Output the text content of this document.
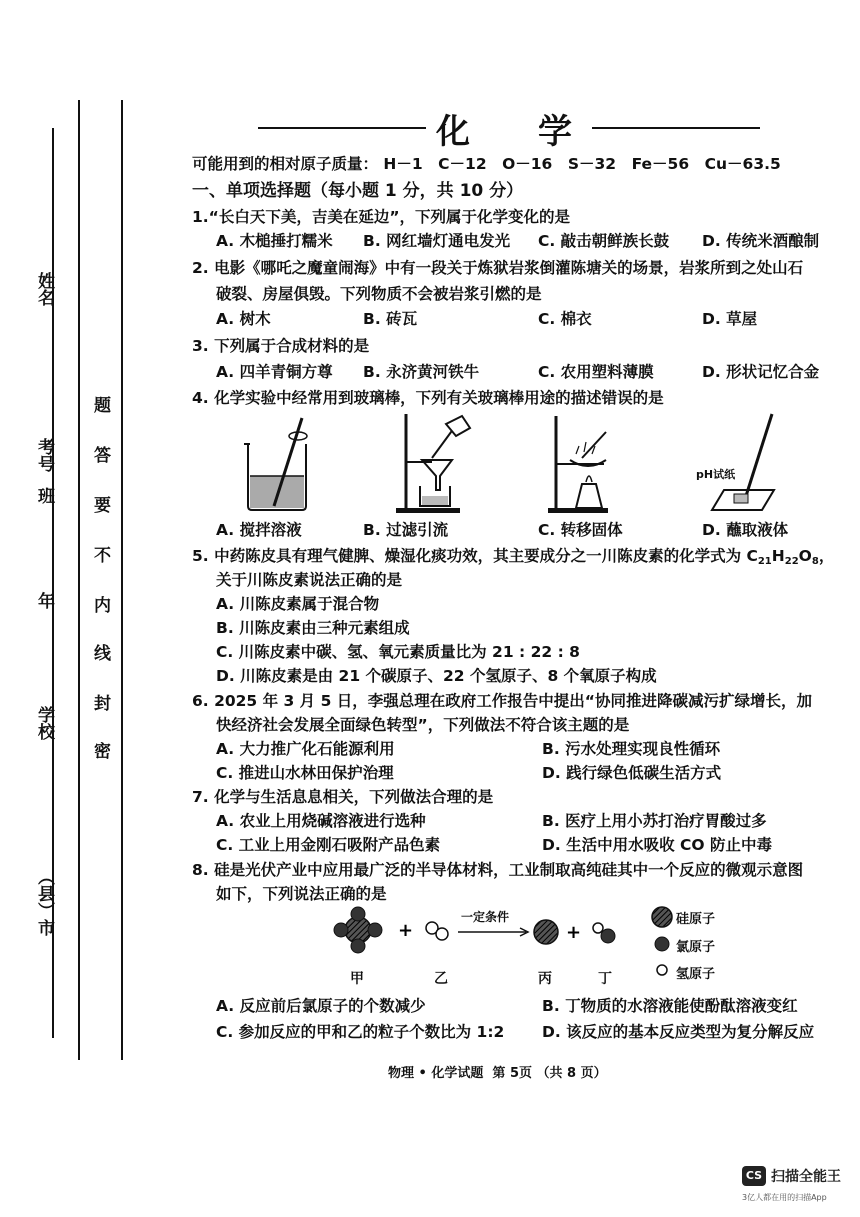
姓名
考号
班
年
学校
（县）市
密
封
线
内
不
要
答
题
化　　学
可能用到的相对原子质量： H－1　C－12　O－16　S－32　Fe－56　Cu－63.5
一、单项选择题（每小题 1 分，共 10 分）
1.“长白天下美，吉美在延边”，下列属于化学变化的是
A. 木槌捶打糯米 B. 网红墙灯通电发光 C. 敲击朝鲜族长鼓 D. 传统米酒酿制
2. 电影《哪吒之魔童闹海》中有一段关于炼狱岩浆倒灌陈塘关的场景，岩浆所到之处山石
破裂、房屋俱毁。下列物质不会被岩浆引燃的是
A. 树木	B. 砖瓦	C. 棉衣	D. 草屋
3. 下列属于合成材料的是
A. 四羊青铜方尊 B. 永济黄河铁牛	C. 农用塑料薄膜	D. 形状记忆合金
4. 化学实验中经常用到玻璃棒，下列有关玻璃棒用途的描述错误的是
pH试纸
A. 搅拌溶液	B. 过滤引流	C. 转移固体	D. 蘸取液体
5. 中药陈皮具有理气健脾、燥湿化痰功效，其主要成分之一川陈皮素的化学式为 $C_{21}H_{22}O_8$，
关于川陈皮素说法正确的是
A. 川陈皮素属于混合物
B. 川陈皮素由三种元素组成
C. 川陈皮素中碳、氢、氧元素质量比为 21 : 22 : 8
D. 川陈皮素是由 21 个碳原子、22 个氢原子、8 个氧原子构成
6. 2025 年 3 月 5 日，李强总理在政府工作报告中提出“协同推进降碳减污扩绿增长，加
快经济社会发展全面绿色转型”，下列做法不符合该主题的是
A. 大力推广化石能源利用	B. 污水处理实现良性循环
C. 推进山水林田保护治理	D. 践行绿色低碳生活方式
7. 化学与生活息息相关，下列做法合理的是
A. 农业上用烧碱溶液进行选种	B. 医疗上用小苏打治疗胃酸过多
C. 工业上用金刚石吸附产品色素	D. 生活中用水吸收 CO 防止中毒
8. 硅是光伏产业中应用最广泛的半导体材料，工业制取高纯硅其中一个反应的微观示意图
如下，下列说法正确的是
+	+
一定条件
甲	乙	丙	丁
硅原子
氯原子
氢原子
A. 反应前后氯原子的个数减少	B. 丁物质的水溶液能使酚酞溶液变红
C. 参加反应的甲和乙的粒子个数比为 1:2 D. 该反应的基本反应类型为复分解反应
物理 • 化学试题  第 5页 （共 8 页）
CS 扫描全能王
3亿人都在用的扫描App
